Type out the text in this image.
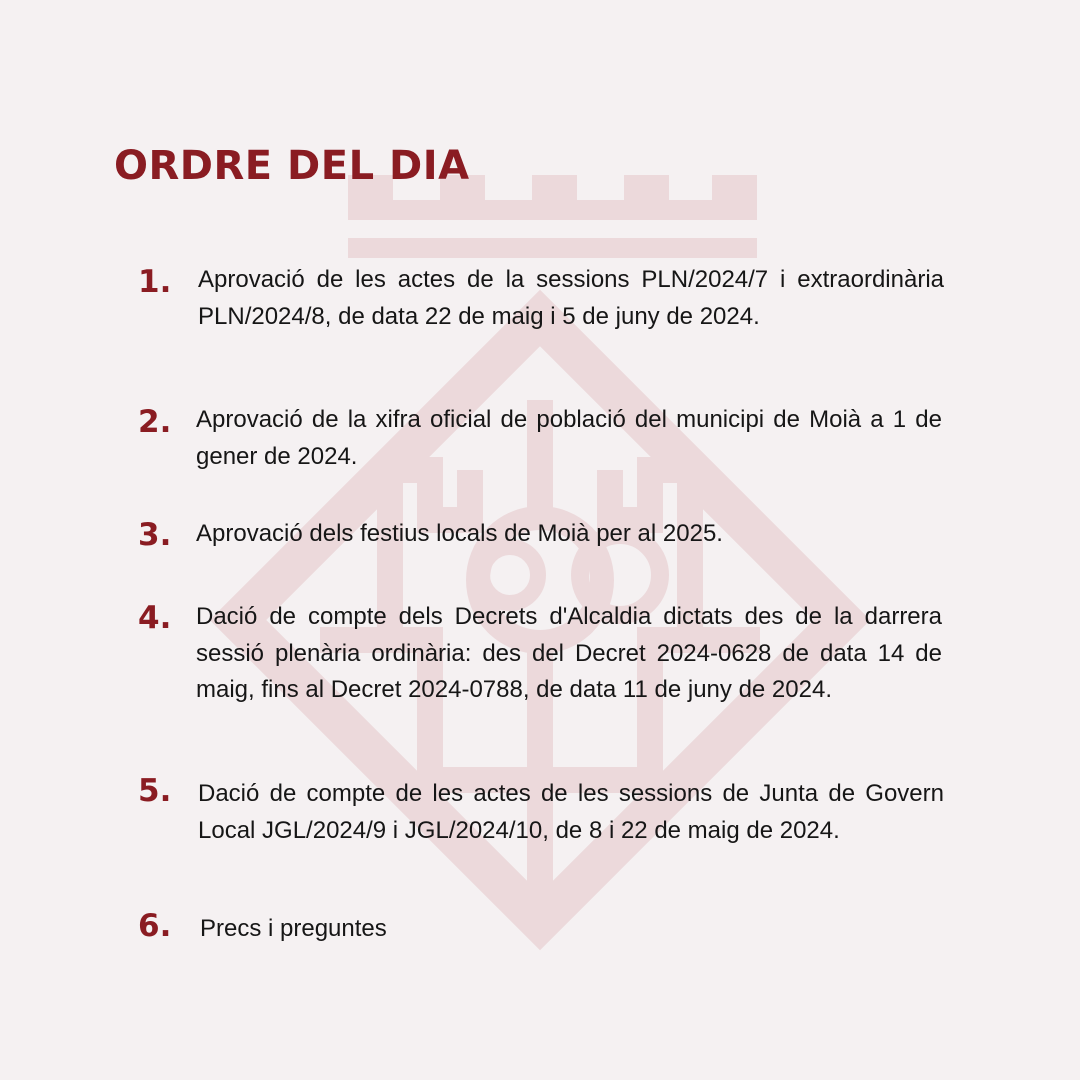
ORDRE DEL DIA
1. Aprovació de les actes de la sessions PLN/2024/7 i extraordinària PLN/2024/8, de data 22 de maig i 5 de juny de 2024.

2. Aprovació de la xifra oficial de població del municipi de Moià a 1 de gener de 2024.

3. Aprovació dels festius locals de Moià per al 2025.

4. Dació de compte dels Decrets d'Alcaldia dictats des de la darrera sessió plenària ordinària: des del Decret 2024-0628 de data 14 de maig, fins al Decret 2024-0788, de data 11 de juny de 2024.

5. Dació de compte de les actes de les sessions de Junta de Govern Local JGL/2024/9 i JGL/2024/10, de 8 i 22 de maig de 2024.

6. Precs i preguntes
